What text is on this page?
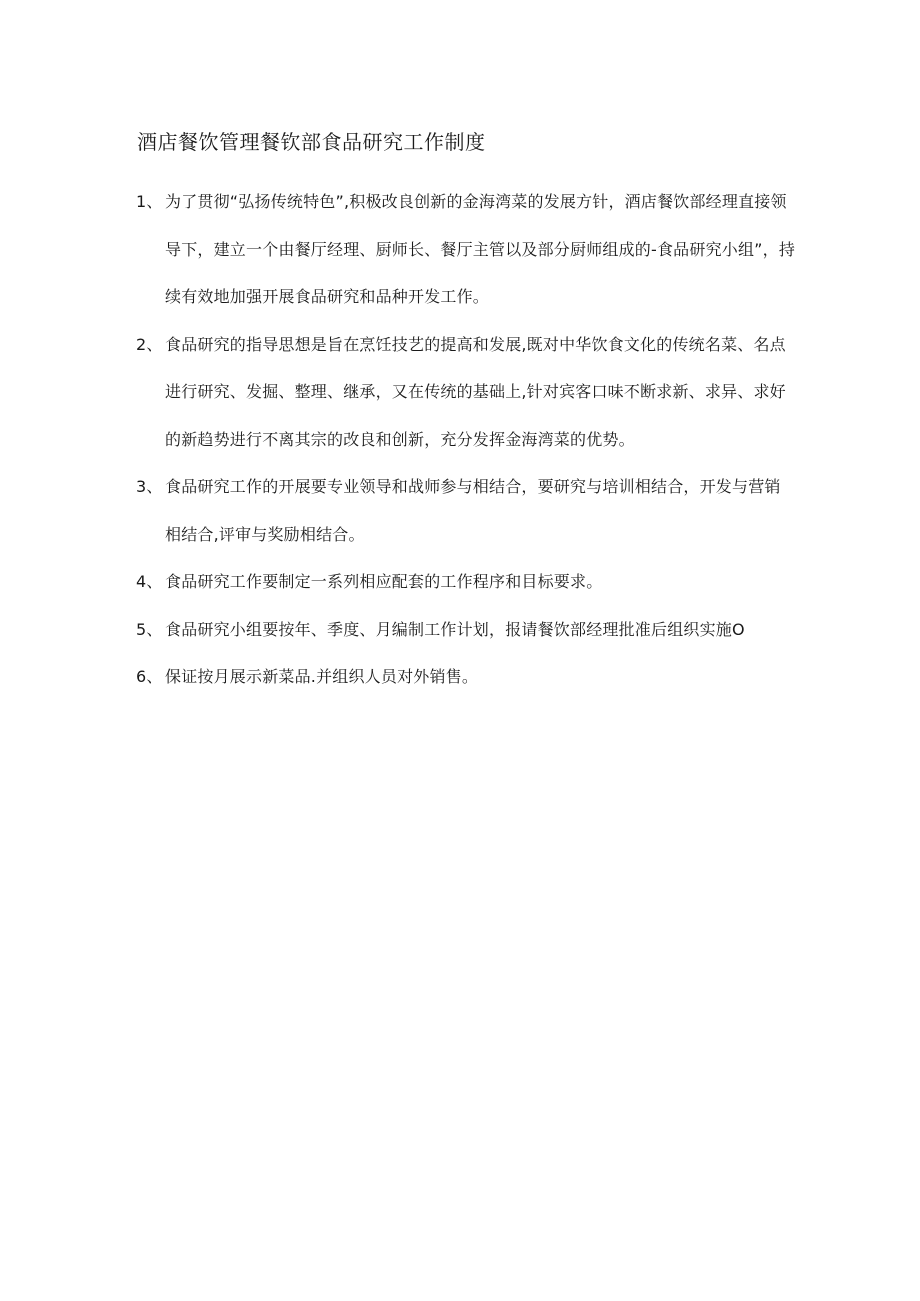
酒店餐饮管理餐钦部食品研究工作制度
1、 为了贯彻“弘扬传统特色”,积极改良创新的金海湾菜的发展方针，酒店餐饮部经理直接领导下，建立一个由餐厅经理、厨师长、餐厅主管以及部分厨师组成的-食品研究小组”，持续有效地加强开展食品研究和品种开发工作。
2、 食品研究的指导思想是旨在烹饪技艺的提高和发展,既对中华饮食文化的传统名菜、名点进行研究、发掘、整理、继承，又在传统的基础上,针对宾客口味不断求新、求异、求好的新趋势进行不离其宗的改良和创新，充分发挥金海湾菜的优势。
3、 食品研究工作的开展要专业领导和战师参与相结合，要研究与培训相结合，开发与营销相结合,评审与奖励相结合。
4、 食品研究工作要制定一系列相应配套的工作程序和目标要求。
5、 食品研究小组要按年、季度、月编制工作计划，报请餐饮部经理批准后组织实施O
6、 保证按月展示新菜品.并组织人员对外销售。
